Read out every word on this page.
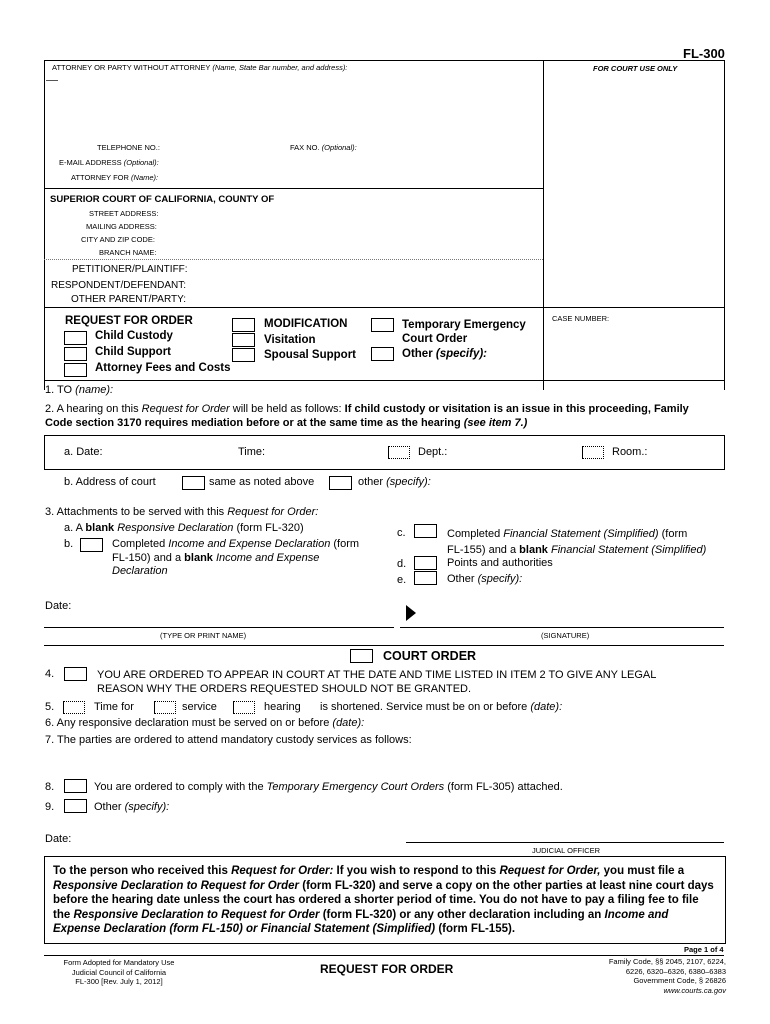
FL-300
ATTORNEY OR PARTY WITHOUT ATTORNEY (Name, State Bar number, and address):	FOR COURT USE ONLY
TELEPHONE NO.:	FAX NO. (Optional):
E-MAIL ADDRESS (Optional):
ATTORNEY FOR (Name):
SUPERIOR COURT OF CALIFORNIA, COUNTY OF
STREET ADDRESS:
MAILING ADDRESS:
CITY AND ZIP CODE:
BRANCH NAME:
PETITIONER/PLAINTIFF:
RESPONDENT/DEFENDANT:
OTHER PARENT/PARTY:
CASE NUMBER:
REQUEST FOR ORDER
Child Custody
Child Support
Attorney Fees and Costs
MODIFICATION
Visitation
Spousal Support
Temporary Emergency
Court Order
Other (specify):
1. TO (name):
2. A hearing on this Request for Order will be held as follows: If child custody or visitation is an issue in this proceeding, Family
Code section 3170 requires mediation before or at the same time as the hearing (see item 7.)
a. Date:	Time:	Dept.:	Room.:
b. Address of court	same as noted above	other (specify):
3. Attachments to be served with this Request for Order:
a. A blank Responsive Declaration (form FL-320)
b.	Completed Income and Expense Declaration (form
FL-150) and a blank Income and Expense
Declaration
c.	Completed Financial Statement (Simplified) (form
FL-155) and a blank Financial Statement (Simplified)
d.	Points and authorities
e.	Other (specify):
Date:
(TYPE OR PRINT NAME)	(SIGNATURE)
COURT ORDER
4.	YOU ARE ORDERED TO APPEAR IN COURT AT THE DATE AND TIME LISTED IN ITEM 2 TO GIVE ANY LEGAL
REASON WHY THE ORDERS REQUESTED SHOULD NOT BE GRANTED.
5.	Time for	service	hearing is shortened. Service must be on or before (date):
6. Any responsive declaration must be served on or before (date):
7. The parties are ordered to attend mandatory custody services as follows:
8.	You are ordered to comply with the Temporary Emergency Court Orders (form FL-305) attached.
9.	Other (specify):
Date:
JUDICIAL OFFICER
To the person who received this Request for Order: If you wish to respond to this Request for Order, you must file a Responsive Declaration to Request for Order (form FL-320) and serve a copy on the other parties at least nine court days before the hearing date unless the court has ordered a shorter period of time. You do not have to pay a filing fee to file the Responsive Declaration to Request for Order (form FL-320) or any other declaration including an Income and Expense Declaration (form FL-150) or Financial Statement (Simplified) (form FL-155).
Page 1 of 4
Form Adopted for Mandatory Use
Judicial Council of California
FL-300 [Rev. July 1, 2012]
REQUEST FOR ORDER
Family Code, §§ 2045, 2107, 6224,
6226, 6320–6326, 6380–6383
Government Code, § 26826
www.courts.ca.gov
